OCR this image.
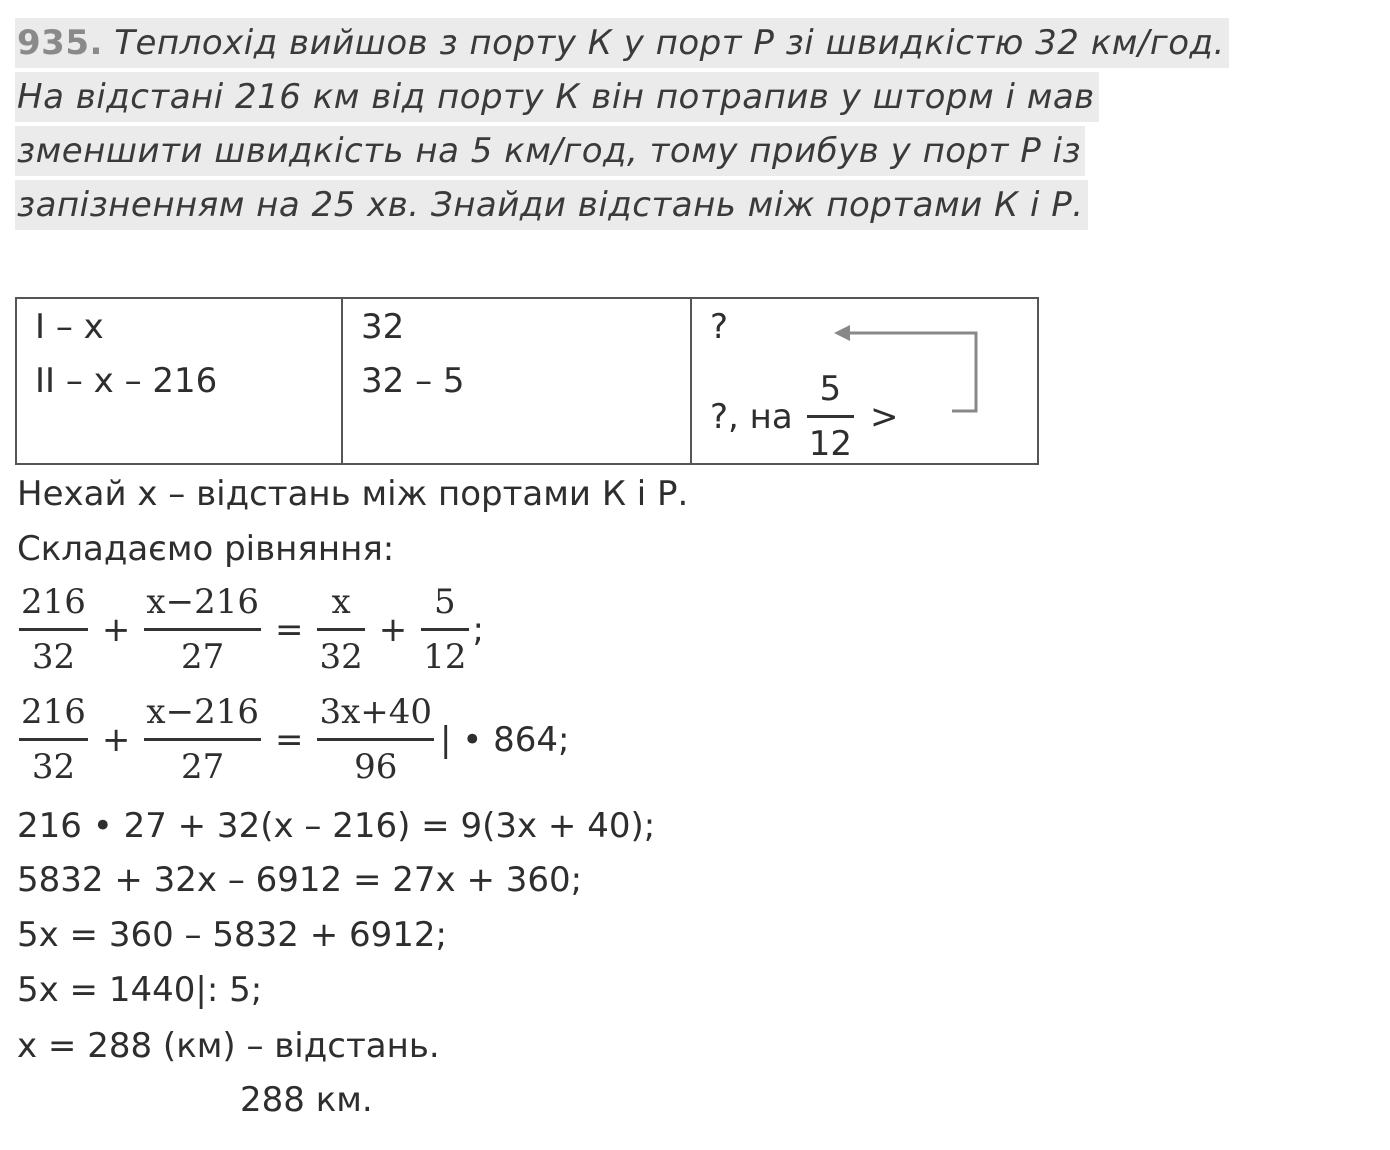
935. Теплохід вийшов з порту К у порт Р зі швидкістю 32 км/год.
На відстані 216 км від порту К він потрапив у шторм і мав
зменшити швидкість на 5 км/год, тому прибув у порт Р із
запізненням на 25 хв. Знайди відстань між портами К і Р.
I – x
II – x – 216
32
32 – 5
?
?, на $\frac{5}{12}$ >
Нехай x – відстань між портами К і Р.
Складаємо рівняння:
$\frac{216}{32} + \frac{x-216}{27} = \frac{x}{32} + \frac{5}{12}$ ;
$\frac{216}{32} + \frac{x-216}{27} = \frac{3x+40}{96}$ | • 864;
216 • 27 + 32(x – 216) = 9(3x + 40);
5832 + 32x – 6912 = 27x + 360;
5x = 360 – 5832 + 6912;
5x = 1440|: 5;
x = 288 (км) – відстань.
288 км.
